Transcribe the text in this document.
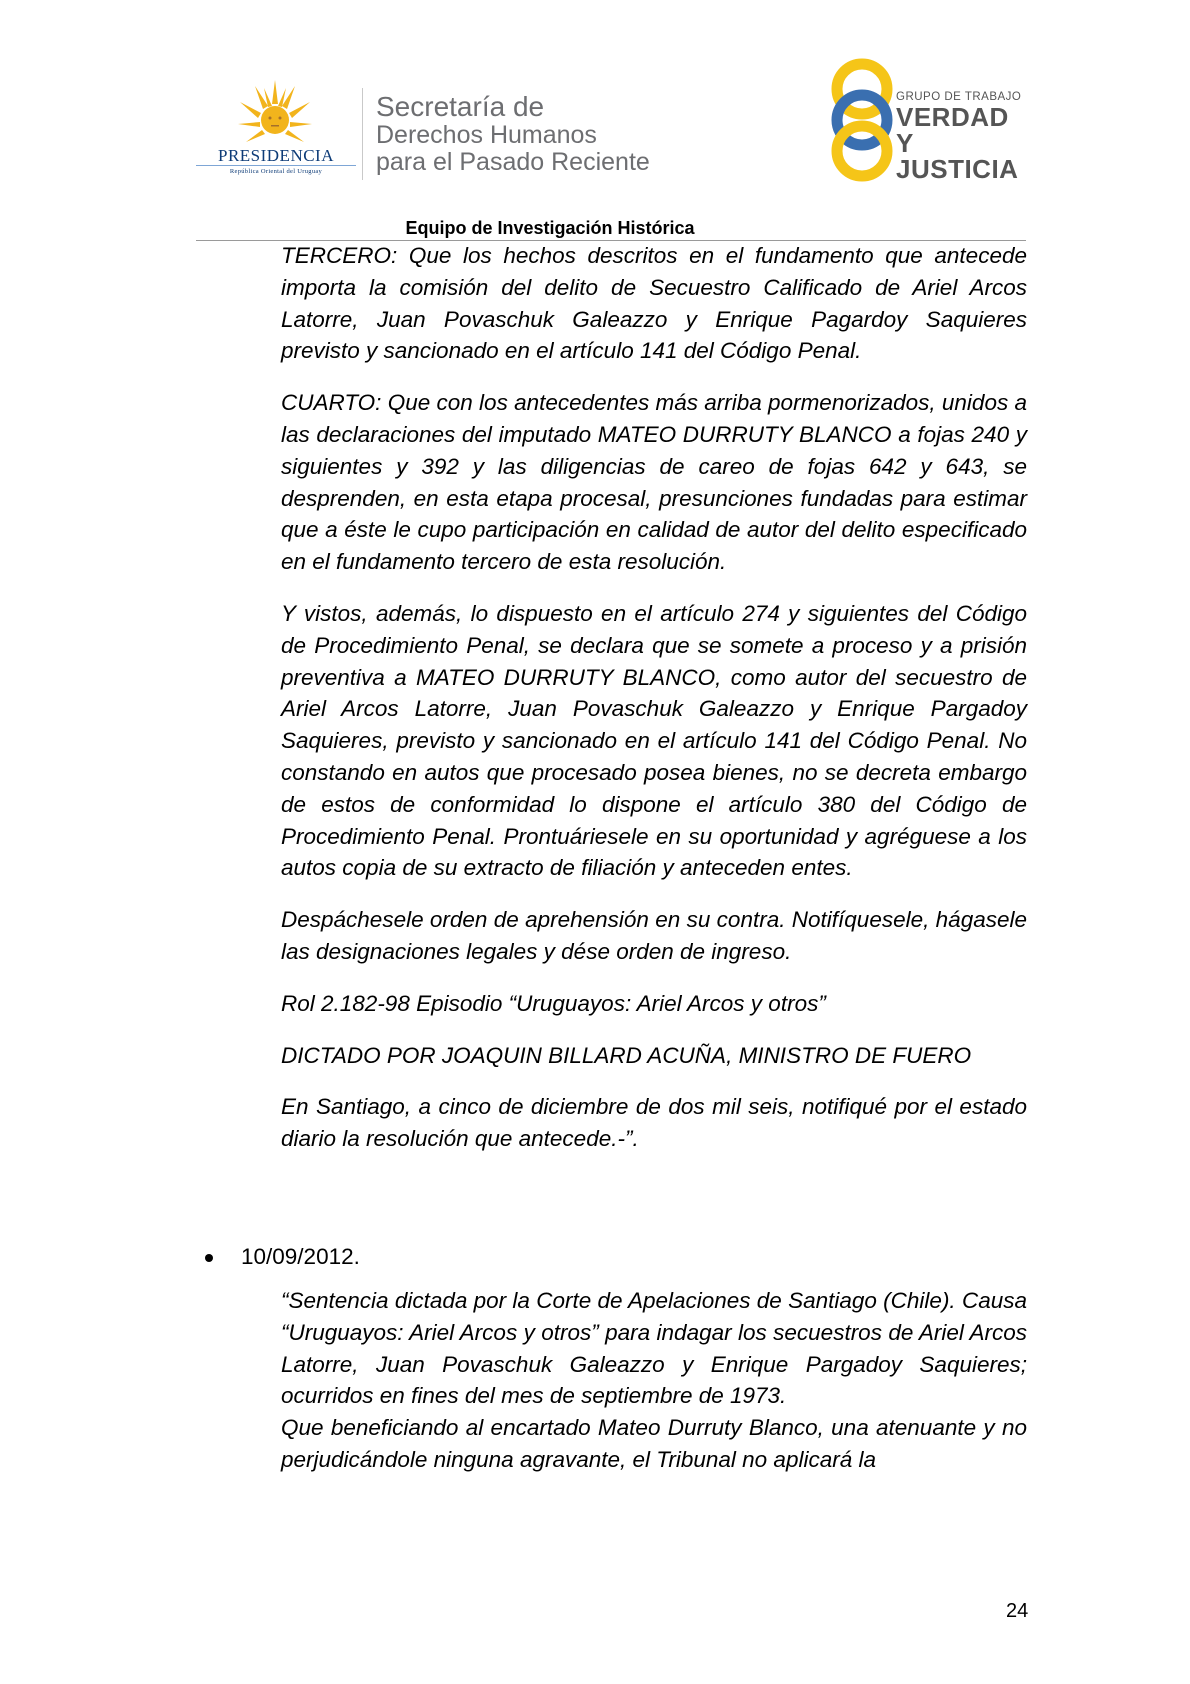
PRESIDENCIA
República Oriental del Uruguay
Secretaría de
Derechos Humanos
para el Pasado Reciente
GRUPO DE TRABAJO
VERDAD Y
JUSTICIA
Equipo de Investigación Histórica

TERCERO: Que los hechos descritos en el fundamento que antecede importa la comisión del delito de Secuestro Calificado de Ariel Arcos Latorre, Juan Povaschuk Galeazzo y Enrique Pagardoy Saquieres previsto y sancionado en el artículo 141 del Código Penal.

CUARTO: Que con los antecedentes más arriba pormenorizados, unidos a las declaraciones del imputado MATEO DURRUTY BLANCO a fojas 240 y siguientes y 392 y las diligencias de careo de fojas 642 y 643, se desprenden, en esta etapa procesal, presunciones fundadas para estimar que a éste le cupo participación en calidad de autor del delito especificado en el fundamento tercero de esta resolución.

Y vistos, además, lo dispuesto en el artículo 274 y siguientes del Código de Procedimiento Penal, se declara que se somete a proceso y a prisión preventiva a MATEO DURRUTY BLANCO, como autor del secuestro de Ariel Arcos Latorre, Juan Povaschuk Galeazzo y Enrique Pargadoy Saquieres, previsto y sancionado en el artículo 141 del Código Penal. No constando en autos que procesado posea bienes, no se decreta embargo de estos de conformidad lo dispone el artículo 380 del Código de Procedimiento Penal. Prontuáriesele en su oportunidad y agréguese a los autos copia de su extracto de filiación y anteceden entes.

Despáchesele orden de aprehensión en su contra. Notifíquesele, hágasele las designaciones legales y dése orden de ingreso.

Rol 2.182-98 Episodio “Uruguayos: Ariel Arcos y otros”

DICTADO POR JOAQUIN BILLARD ACUÑA, MINISTRO DE FUERO

En Santiago, a cinco de diciembre de dos mil seis, notifiqué por el estado diario la resolución que antecede.-”.

10/09/2012.

“Sentencia dictada por la Corte de Apelaciones de Santiago (Chile). Causa “Uruguayos: Ariel Arcos y otros” para indagar los secuestros de Ariel Arcos Latorre, Juan Povaschuk Galeazzo y Enrique Pargadoy Saquieres; ocurridos en fines del mes de septiembre de 1973.

Que beneficiando al encartado Mateo Durruty Blanco, una atenuante y no perjudicándole ninguna agravante, el Tribunal no aplicará la

24
